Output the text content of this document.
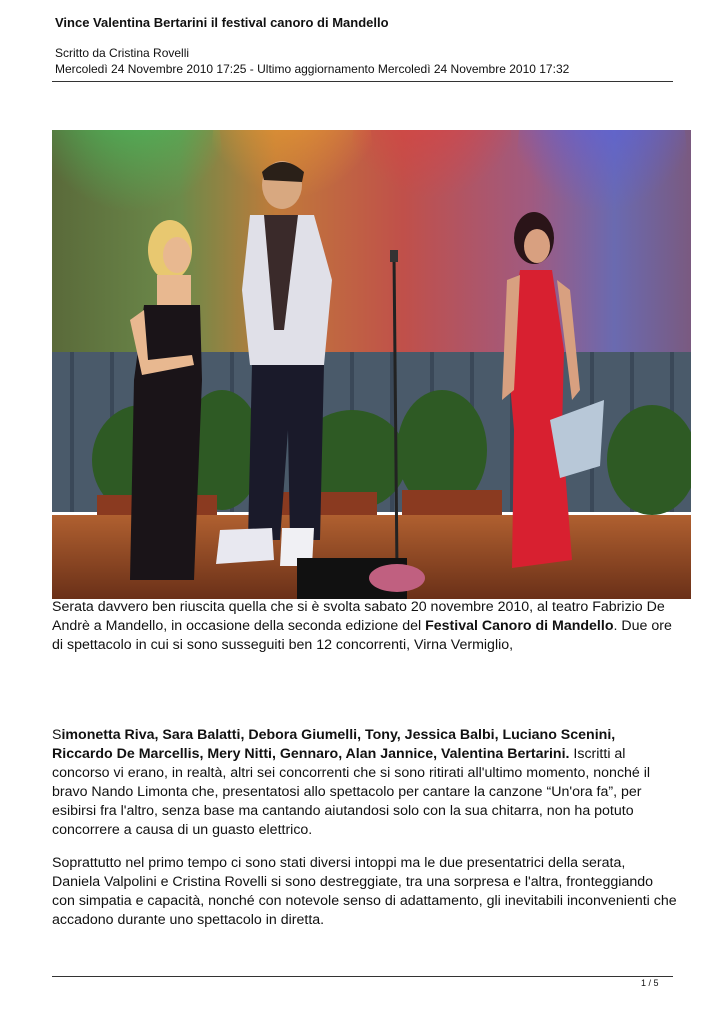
Vince Valentina Bertarini il festival canoro di Mandello
Scritto da Cristina Rovelli
Mercoledì 24 Novembre 2010 17:25 - Ultimo aggiornamento Mercoledì 24 Novembre 2010 17:32
Serata davvero ben riuscita quella che si è svolta sabato 20 novembre 2010, al teatro Fabrizio De Andrè a Mandello, in occasione della seconda edizione del Festival Canoro di Mandello. Due ore di spettacolo in cui si sono susseguiti ben 12 concorrenti, Virna Vermiglio,
Simonetta Riva, Sara Balatti, Debora Giumelli, Tony, Jessica Balbi, Luciano Scenini, Riccardo De Marcellis, Mery Nitti, Gennaro, Alan Jannice, Valentina Bertarini. Iscritti al concorso vi erano, in realtà, altri sei concorrenti che si sono ritirati all'ultimo momento, nonché il bravo Nando Limonta che, presentatosi allo spettacolo per cantare la canzone “Un'ora fa”, per esibirsi fra l'altro, senza base ma cantando aiutandosi solo con la sua chitarra, non ha potuto concorrere a causa di un guasto elettrico.
Soprattutto nel primo tempo ci sono stati diversi intoppi ma le due presentatrici della serata, Daniela Valpolini e Cristina Rovelli si sono destreggiate, tra una sorpresa e l'altra, fronteggiando con simpatia e capacità, nonché con notevole senso di adattamento, gli inevitabili inconvenienti che accadono durante uno spettacolo in diretta.
1 / 5
